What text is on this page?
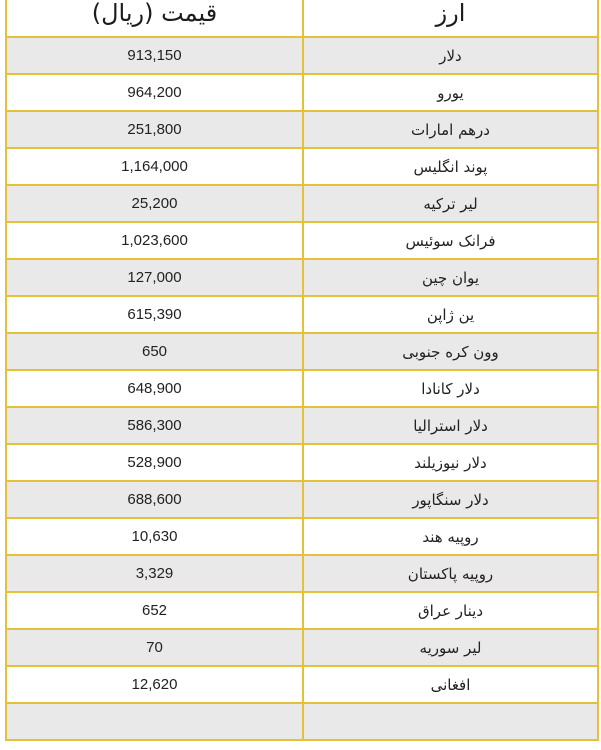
قیمت (ریال)	ارز
913,150	دلار
964,200	یورو
251,800	درهم امارات
1,164,000	پوند انگلیس
25,200	لیر ترکیه
1,023,600	فرانک سوئیس
127,000	یوان چین
615,390	ین ژاپن
650	وون کره جنوبی
648,900	دلار کانادا
586,300	دلار استرالیا
528,900	دلار نیوزیلند
688,600	دلار سنگاپور
10,630	روپیه هند
3,329	روپیه پاکستان
652	دینار عراق
70	لیر سوریه
12,620	افغانی
